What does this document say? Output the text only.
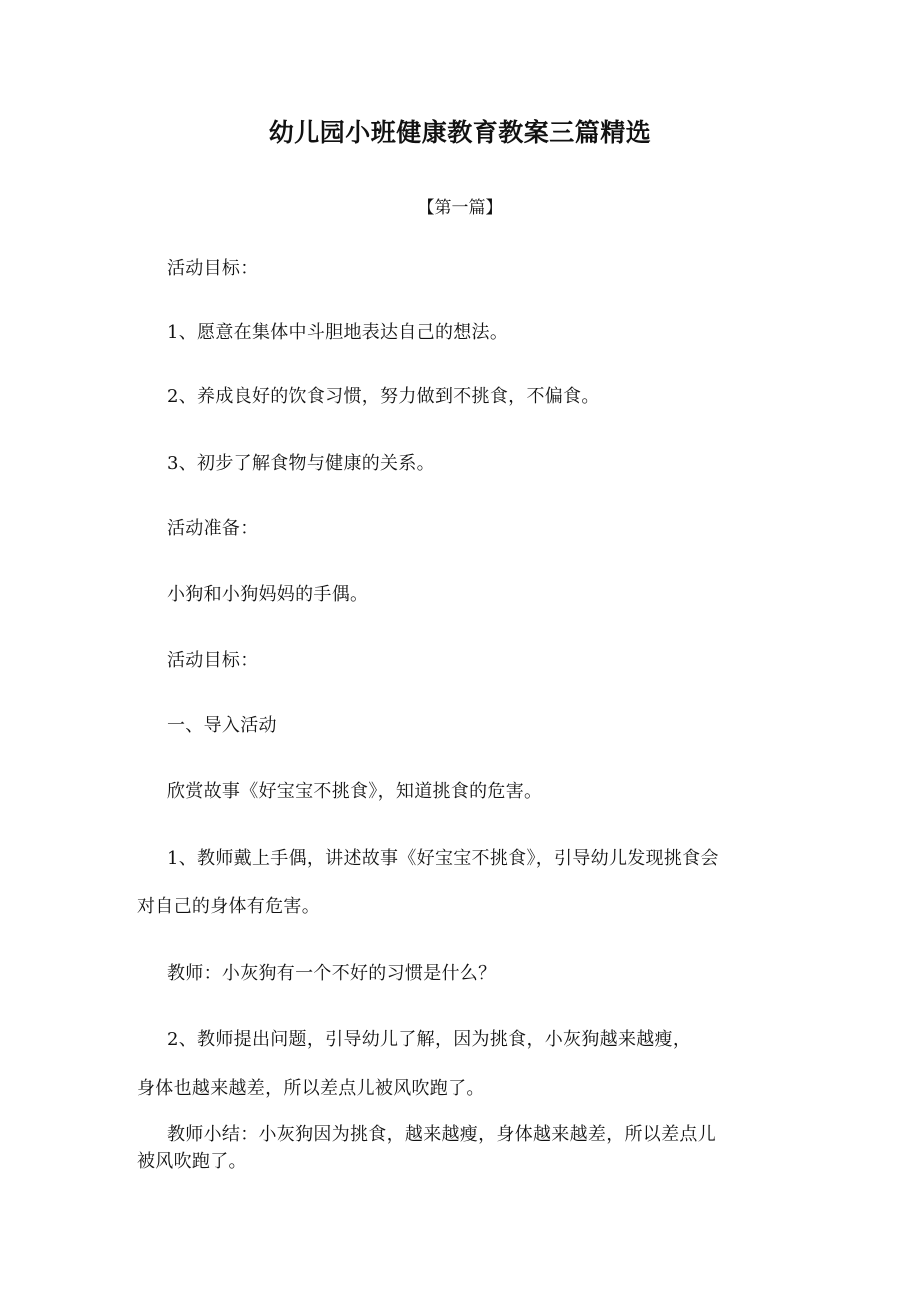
幼儿园小班健康教育教案三篇精选
【第一篇】

活动目标：

1、愿意在集体中斗胆地表达自己的想法。

2、养成良好的饮食习惯，努力做到不挑食，不偏食。

3、初步了解食物与健康的关系。

活动准备：

小狗和小狗妈妈的手偶。

活动目标：

一、导入活动

欣赏故事《好宝宝不挑食》，知道挑食的危害。

1、教师戴上手偶，讲述故事《好宝宝不挑食》，引导幼儿发现挑食会

对自己的身体有危害。

教师：小灰狗有一个不好的习惯是什么？

2、教师提出问题，引导幼儿了解，因为挑食，小灰狗越来越瘦，

身体也越来越差，所以差点儿被风吹跑了。

教师小结：小灰狗因为挑食，越来越瘦，身体越来越差，所以差点儿

被风吹跑了。
